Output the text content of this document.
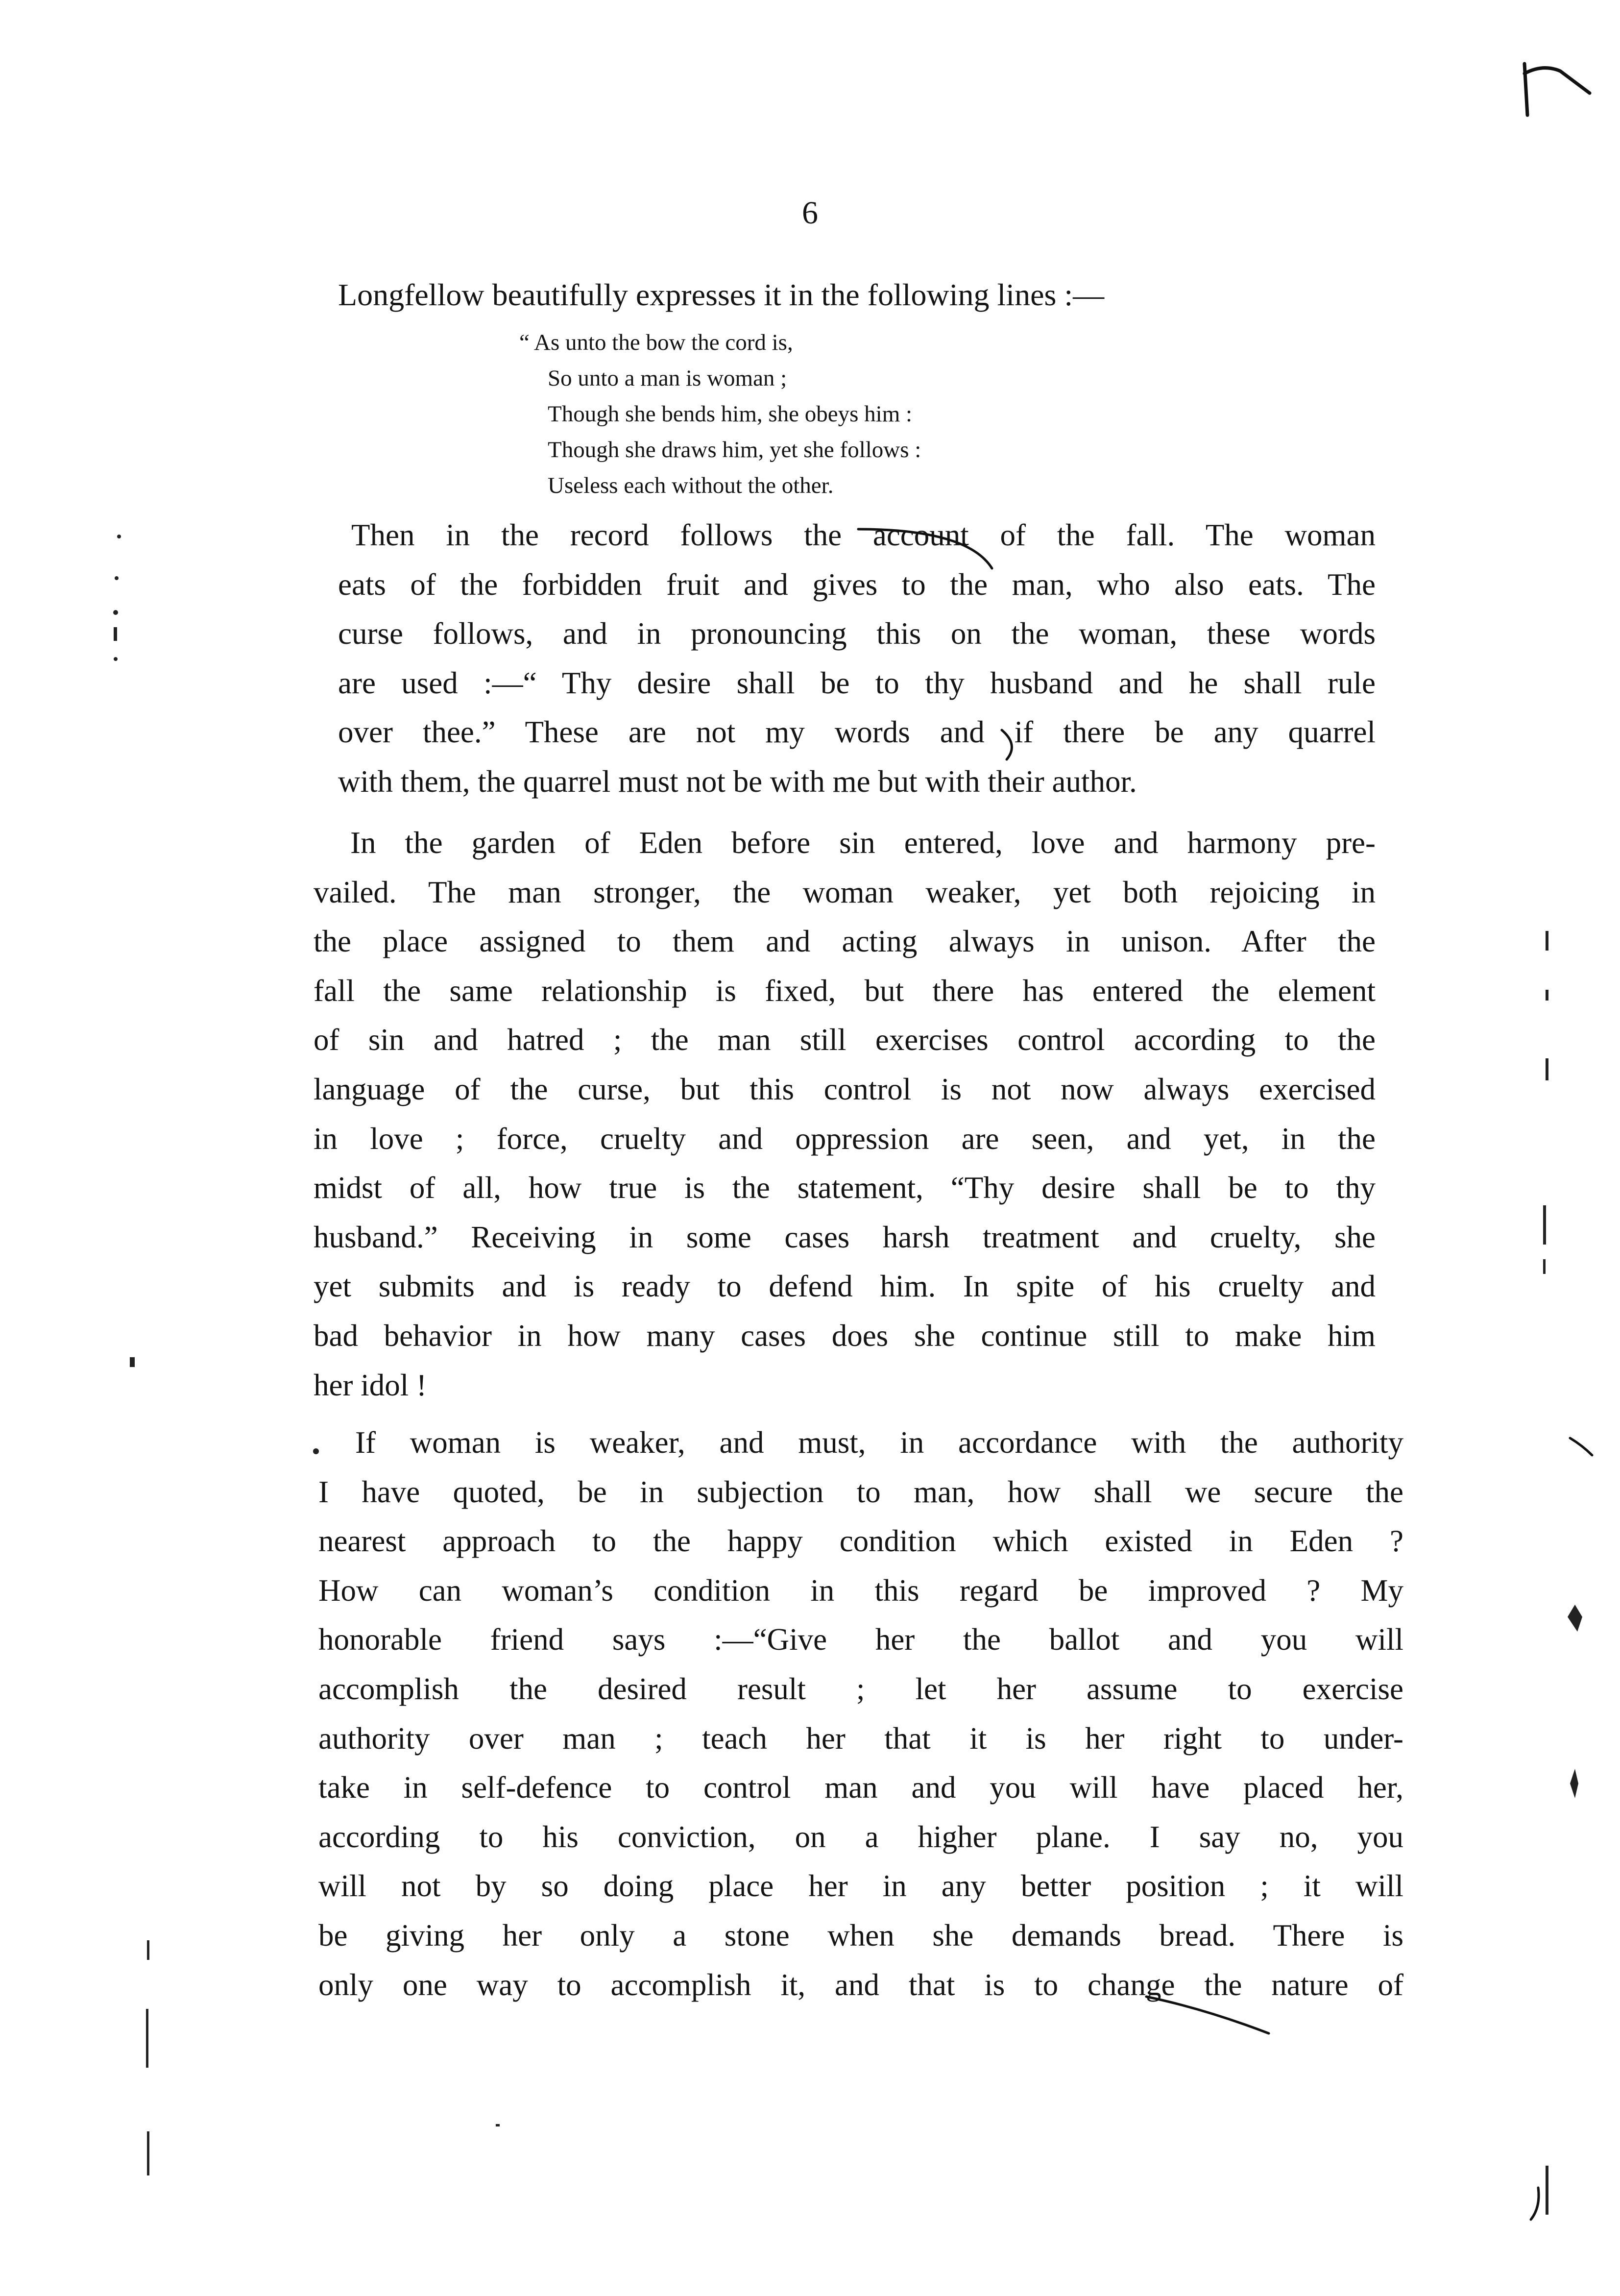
6
Longfellow beautifully expresses it in the following lines :—
“ As unto the bow the cord is,
So unto a man is woman ;
Though she bends him, she obeys him :
Though she draws him, yet she follows :
Useless each without the other.
Then in the record follows the account of the fall. The woman
eats of the forbidden fruit and gives to the man, who also eats. The
curse follows, and in pronouncing this on the woman, these words
are used :—“ Thy desire shall be to thy husband and he shall rule
over thee.” These are not my words and if there be any quarrel
with them, the quarrel must not be with me but with their author.
In the garden of Eden before sin entered, love and harmony pre-
vailed. The man stronger, the woman weaker, yet both rejoicing in
the place assigned to them and acting always in unison. After the
fall the same relationship is fixed, but there has entered the element
of sin and hatred ; the man still exercises control according to the
language of the curse, but this control is not now always exercised
in love ; force, cruelty and oppression are seen, and yet, in the
midst of all, how true is the statement, “Thy desire shall be to thy
husband.” Receiving in some cases harsh treatment and cruelty, she
yet submits and is ready to defend him. In spite of his cruelty and
bad behavior in how many cases does she continue still to make him
her idol !
If woman is weaker, and must, in accordance with the authority
I have quoted, be in subjection to man, how shall we secure the
nearest approach to the happy condition which existed in Eden ?
How can woman’s condition in this regard be improved ? My
honorable friend says :—“Give her the ballot and you will
accomplish the desired result ; let her assume to exercise
authority over man ; teach her that it is her right to under-
take in self-defence to control man and you will have placed her,
according to his conviction, on a higher plane. I say no, you
will not by so doing place her in any better position ; it will
be giving her only a stone when she demands bread. There is
only one way to accomplish it, and that is to change the nature of
